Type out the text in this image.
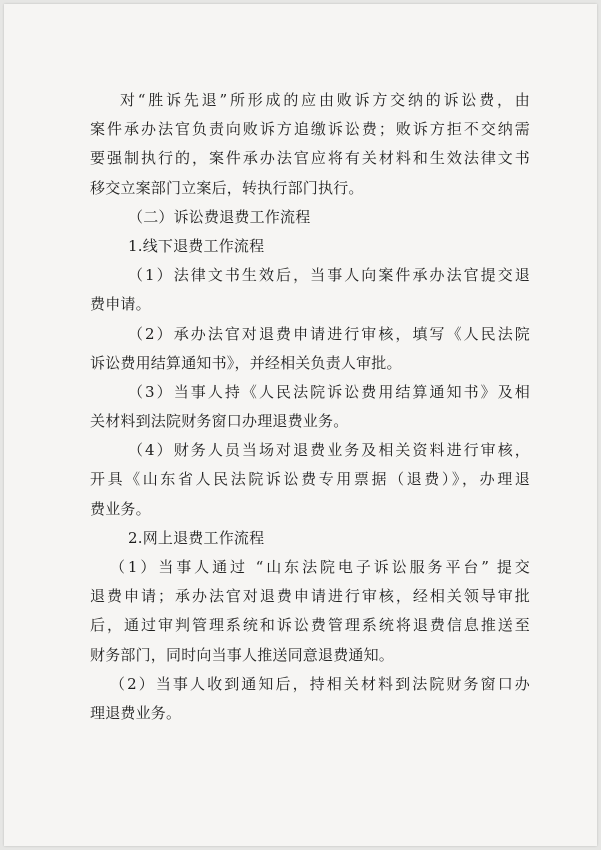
对“胜诉先退”所形成的应由败诉方交纳的诉讼费，由
案件承办法官负责向败诉方追缴诉讼费；败诉方拒不交纳需
要强制执行的，案件承办法官应将有关材料和生效法律文书
移交立案部门立案后，转执行部门执行。
（二）诉讼费退费工作流程
1.线下退费工作流程
（1）法律文书生效后，当事人向案件承办法官提交退
费申请。
（2）承办法官对退费申请进行审核，填写《人民法院
诉讼费用结算通知书》，并经相关负责人审批。
（3）当事人持《人民法院诉讼费用结算通知书》及相
关材料到法院财务窗口办理退费业务。
（4）财务人员当场对退费业务及相关资料进行审核，
开具《山东省人民法院诉讼费专用票据（退费）》，办理退
费业务。
2.网上退费工作流程
（1）当事人通过 “山东法院电子诉讼服务平台” 提交
退费申请；承办法官对退费申请进行审核，经相关领导审批
后，通过审判管理系统和诉讼费管理系统将退费信息推送至
财务部门，同时向当事人推送同意退费通知。
（2）当事人收到通知后，持相关材料到法院财务窗口办
理退费业务。
